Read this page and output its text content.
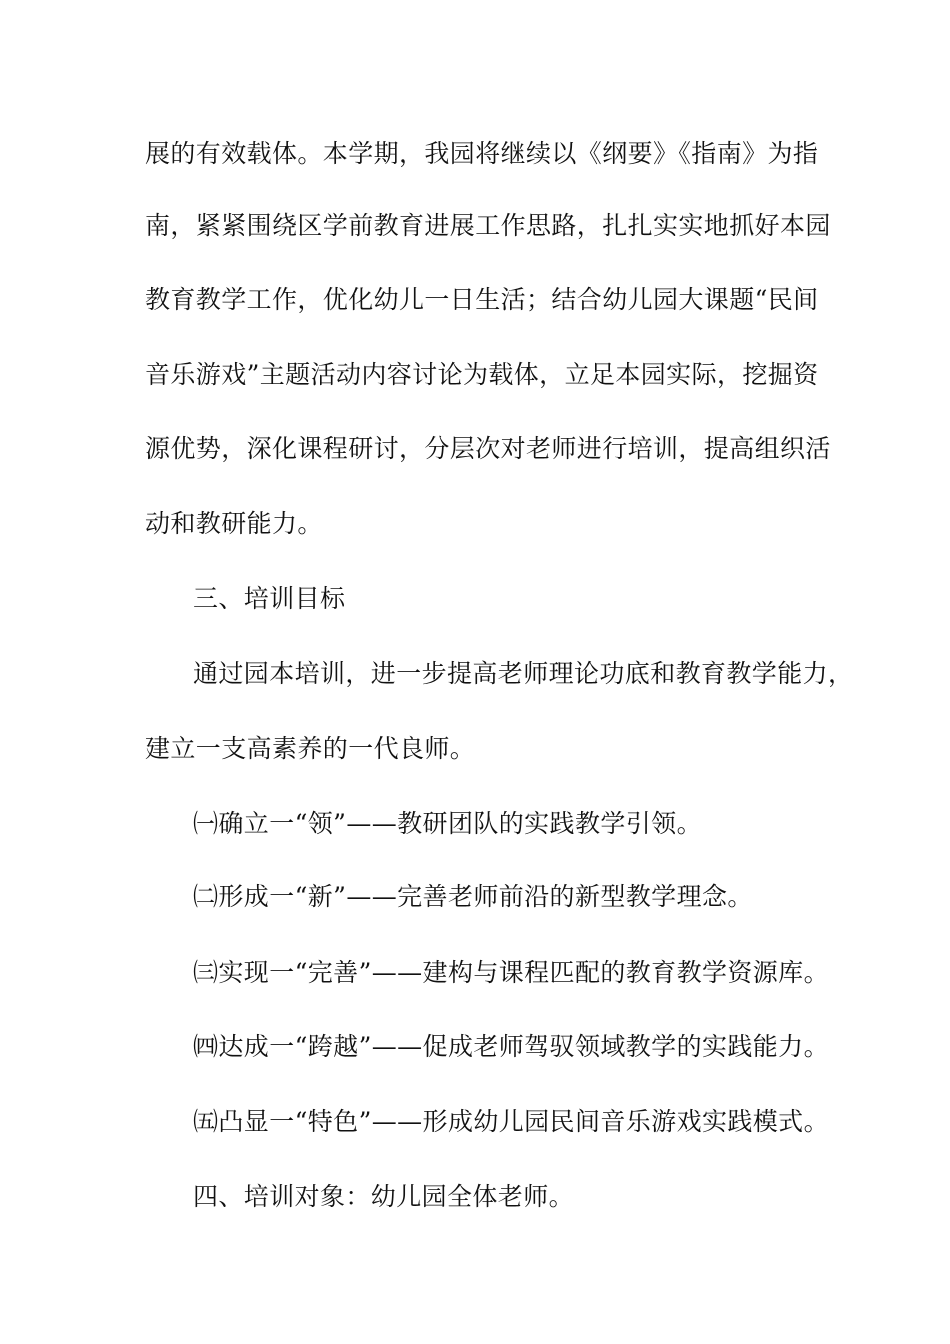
展的有效载体。本学期，我园将继续以《纲要》《指南》为指
南，紧紧围绕区学前教育进展工作思路，扎扎实实地抓好本园
教育教学工作，优化幼儿一日生活；结合幼儿园大课题“民间
音乐游戏”主题活动内容讨论为载体，立足本园实际，挖掘资
源优势，深化课程研讨，分层次对老师进行培训，提高组织活
动和教研能力。
三、培训目标
通过园本培训，进一步提高老师理论功底和教育教学能力，
建立一支高素养的一代良师。
㈠确立一“领”——教研团队的实践教学引领。
㈡形成一“新”——完善老师前沿的新型教学理念。
㈢实现一“完善”——建构与课程匹配的教育教学资源库。
㈣达成一“跨越”——促成老师驾驭领域教学的实践能力。
㈤凸显一“特色”——形成幼儿园民间音乐游戏实践模式。
四、培训对象：幼儿园全体老师。
